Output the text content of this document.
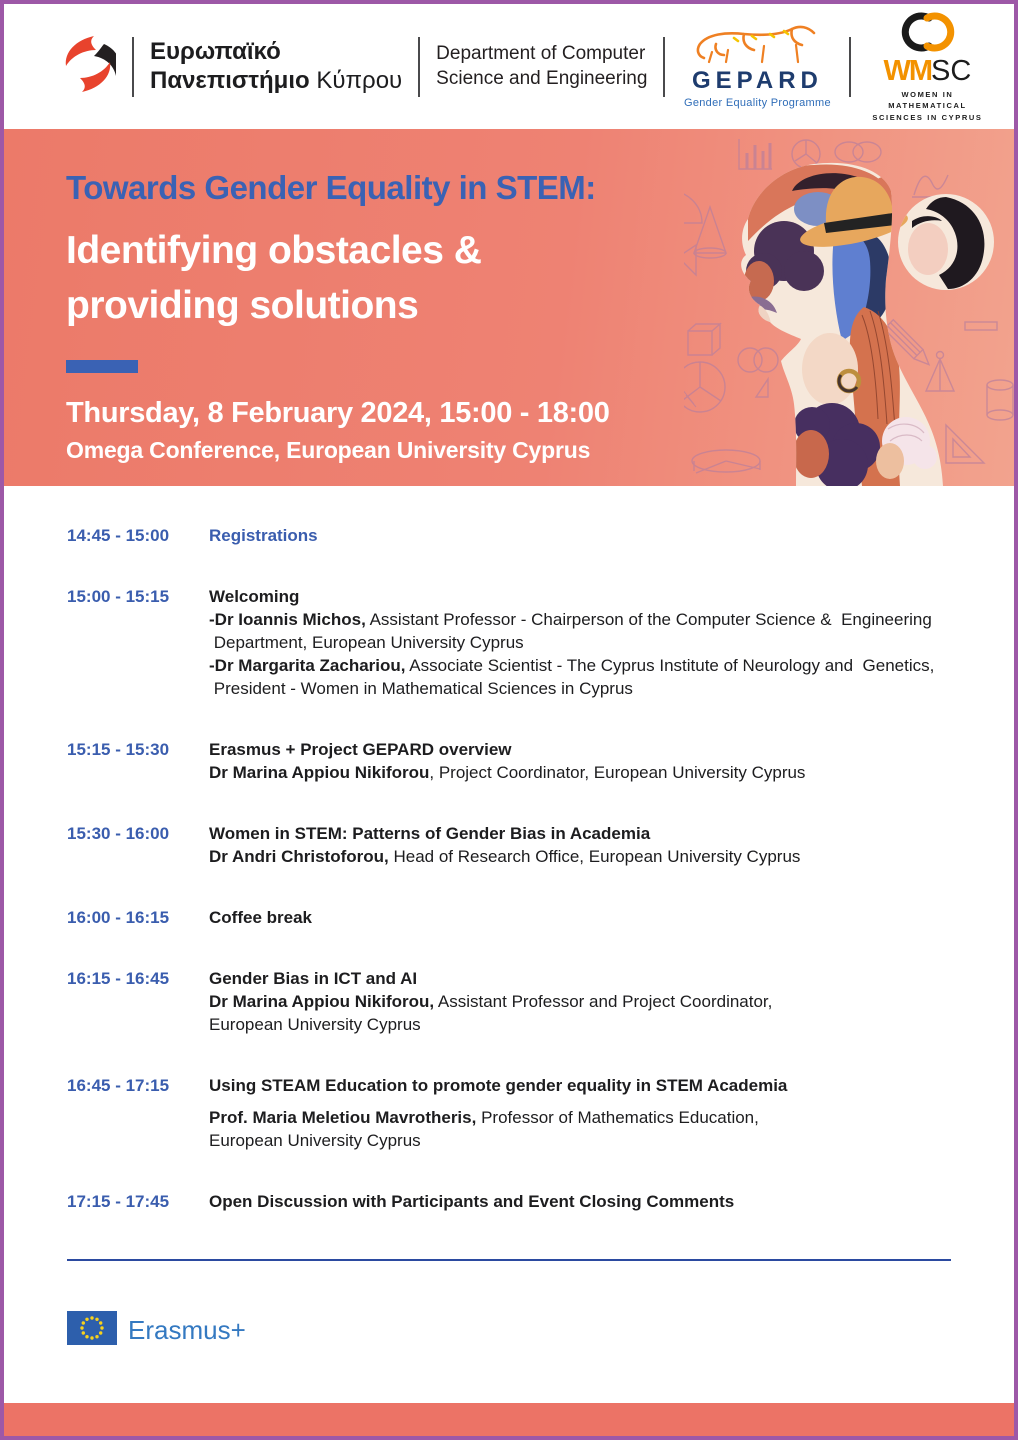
Ευρωπαϊκό
Πανεπιστήμιο Κύπρου
Department of Computer
Science and Engineering GEPARD
Gender Equality Programme
WMSC
WOMEN IN MATHEMATICAL
SCIENCES IN CYPRUS
Towards Gender Equality in STEM:
Identifying obstacles &
providing solutions
Thursday, 8 February 2024, 15:00 - 18:00
Omega Conference, European University Cyprus
14:45 - 15:00	Registrations
15:00 - 15:15	Welcoming
-Dr Ioannis Michos, Assistant Professor - Chairperson of the Computer Science &  Engineering
Department, European University Cyprus
-Dr Margarita Zachariou, Associate Scientist - The Cyprus Institute of Neurology and  Genetics,
President - Women in Mathematical Sciences in Cyprus
15:15 - 15:30	Erasmus + Project GEPARD overview
Dr Marina Appiou Nikiforou, Project Coordinator, European University Cyprus
15:30 - 16:00	Women in STEM: Patterns of Gender Bias in Academia
Dr Andri Christoforou, Head of Research Office, European University Cyprus
16:00 - 16:15	Coffee break
16:15 - 16:45	Gender Bias in ICT and AI
Dr Marina Appiou Nikiforou, Assistant Professor and Project Coordinator,
European University Cyprus
16:45 - 17:15	Using STEAM Education to promote gender equality in STEM Academia
Prof. Maria Meletiou Mavrotheris, Professor of Mathematics Education,
European University Cyprus
17:15 - 17:45	Open Discussion with Participants and Event Closing Comments
Erasmus+
